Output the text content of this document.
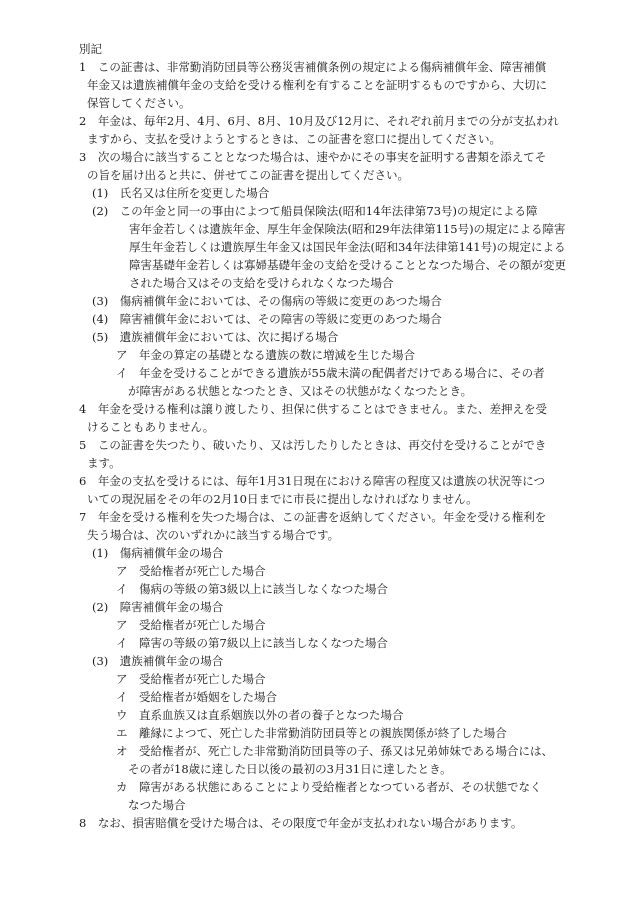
別記
1　この証書は、非常勤消防団員等公務災害補償条例の規定による傷病補償年金、障害補償
年金又は遺族補償年金の支給を受ける権利を有することを証明するものですから、大切に
保管してください。
2　年金は、毎年2月、4月、6月、8月、10月及び12月に、それぞれ前月までの分が支払われ
ますから、支払を受けようとするときは、この証書を窓口に提出してください。
3　次の場合に該当することとなつた場合は、速やかにその事実を証明する書類を添えてそ
の旨を届け出ると共に、併せてこの証書を提出してください。
(1)　氏名又は住所を変更した場合
(2)　この年金と同一の事由によつて船員保険法(昭和14年法律第73号)の規定による障
害年金若しくは遺族年金、厚生年金保険法(昭和29年法律第115号)の規定による障害
厚生年金若しくは遺族厚生年金又は国民年金法(昭和34年法律第141号)の規定による
障害基礎年金若しくは寡婦基礎年金の支給を受けることとなつた場合、その額が変更
された場合又はその支給を受けられなくなつた場合
(3)　傷病補償年金においては、その傷病の等級に変更のあつた場合
(4)　障害補償年金においては、その障害の等級に変更のあつた場合
(5)　遺族補償年金においては、次に掲げる場合
ア　年金の算定の基礎となる遺族の数に増減を生じた場合
イ　年金を受けることができる遺族が55歳未満の配偶者だけである場合に、その者
が障害がある状態となつたとき、又はその状態がなくなつたとき。
4　年金を受ける権利は譲り渡したり、担保に供することはできません。また、差押えを受
けることもありません。
5　この証書を失つたり、破いたり、又は汚したりしたときは、再交付を受けることができ
ます。
6　年金の支払を受けるには、毎年1月31日現在における障害の程度又は遺族の状況等につ
いての現況届をその年の2月10日までに市長に提出しなければなりません。
7　年金を受ける権利を失つた場合は、この証書を返納してください。年金を受ける権利を
失う場合は、次のいずれかに該当する場合です。
(1)　傷病補償年金の場合
ア　受給権者が死亡した場合
イ　傷病の等級の第3級以上に該当しなくなつた場合
(2)　障害補償年金の場合
ア　受給権者が死亡した場合
イ　障害の等級の第7級以上に該当しなくなつた場合
(3)　遺族補償年金の場合
ア　受給権者が死亡した場合
イ　受給権者が婚姻をした場合
ウ　直系血族又は直系姻族以外の者の養子となつた場合
エ　離縁によつて、死亡した非常勤消防団員等との親族関係が終了した場合
オ　受給権者が、死亡した非常勤消防団員等の子、孫又は兄弟姉妹である場合には、
その者が18歳に達した日以後の最初の3月31日に達したとき。
カ　障害がある状態にあることにより受給権者となつている者が、その状態でなく
なつた場合
8　なお、損害賠償を受けた場合は、その限度で年金が支払われない場合があります。
